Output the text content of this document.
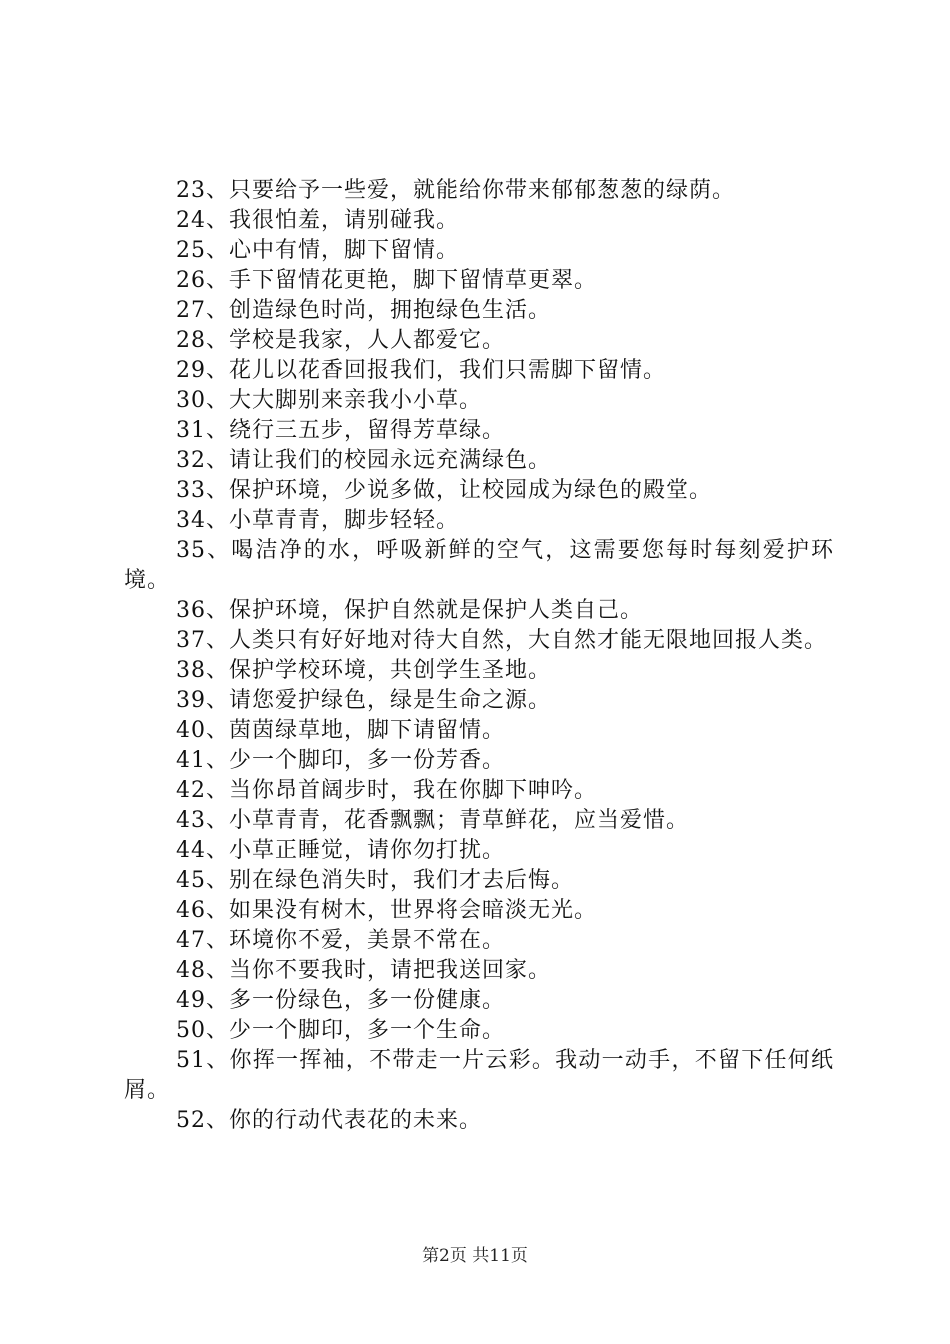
23、只要给予一些爱，就能给你带来郁郁葱葱的绿荫。
24、我很怕羞，请别碰我。
25、心中有情，脚下留情。
26、手下留情花更艳，脚下留情草更翠。
27、创造绿色时尚，拥抱绿色生活。
28、学校是我家，人人都爱它。
29、花儿以花香回报我们，我们只需脚下留情。
30、大大脚别来亲我小小草。
31、绕行三五步，留得芳草绿。
32、请让我们的校园永远充满绿色。
33、保护环境，少说多做，让校园成为绿色的殿堂。
34、小草青青，脚步轻轻。
35、喝洁净的水，呼吸新鲜的空气，这需要您每时每刻爱护环境。
36、保护环境，保护自然就是保护人类自己。
37、人类只有好好地对待大自然，大自然才能无限地回报人类。
38、保护学校环境，共创学生圣地。
39、请您爱护绿色，绿是生命之源。
40、茵茵绿草地，脚下请留情。
41、少一个脚印，多一份芳香。
42、当你昂首阔步时，我在你脚下呻吟。
43、小草青青，花香飘飘；青草鲜花，应当爱惜。
44、小草正睡觉，请你勿打扰。
45、别在绿色消失时，我们才去后悔。
46、如果没有树木，世界将会暗淡无光。
47、环境你不爱，美景不常在。
48、当你不要我时，请把我送回家。
49、多一份绿色，多一份健康。
50、少一个脚印，多一个生命。
51、你挥一挥袖，不带走一片云彩。我动一动手，不留下任何纸屑。
52、你的行动代表花的未来。
第2页 共11页
